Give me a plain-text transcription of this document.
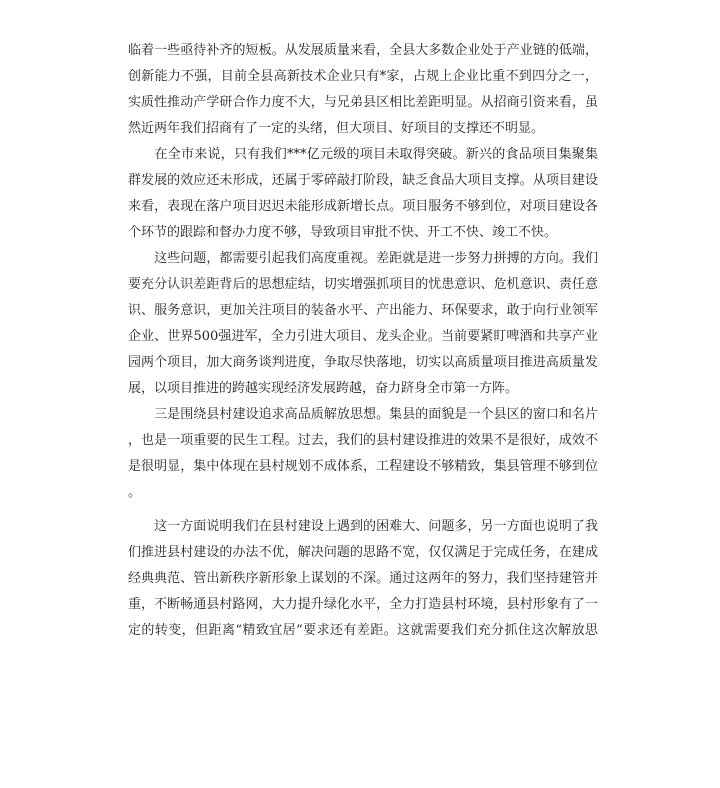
临着一些亟待补齐的短板。从发展质量来看，全县大多数企业处于产业链的低端，
创新能力不强，目前全县高新技术企业只有*家，占规上企业比重不到四分之一，
实质性推动产学研合作力度不大，与兄弟县区相比差距明显。从招商引资来看，虽
然近两年我们招商有了一定的头绪，但大项目、好项目的支撑还不明显。
　　在全市来说，只有我们***亿元级的项目未取得突破。新兴的食品项目集聚集
群发展的效应还未形成，还属于零碎敲打阶段，缺乏食品大项目支撑。从项目建设
来看，表现在落户项目迟迟未能形成新增长点。项目服务不够到位，对项目建设各
个环节的跟踪和督办力度不够，导致项目审批不快、开工不快、竣工不快。
　　这些问题，都需要引起我们高度重视。差距就是进一步努力拼搏的方向。我们
要充分认识差距背后的思想症结，切实增强抓项目的忧患意识、危机意识、责任意
识、服务意识，更加关注项目的装备水平、产出能力、环保要求，敢于向行业领军
企业、世界500强进军，全力引进大项目、龙头企业。当前要紧盯啤酒和共享产业
园两个项目，加大商务谈判进度，争取尽快落地，切实以高质量项目推进高质量发
展，以项目推进的跨越实现经济发展跨越，奋力跻身全市第一方阵。
　　三是围绕县村建设追求高品质解放思想。集县的面貌是一个县区的窗口和名片
，也是一项重要的民生工程。过去，我们的县村建设推进的效果不是很好，成效不
是很明显，集中体现在县村规划不成体系，工程建设不够精致，集县管理不够到位
。
　　这一方面说明我们在县村建设上遇到的困难大、问题多，另一方面也说明了我
们推进县村建设的办法不优，解决问题的思路不宽，仅仅满足于完成任务，在建成
经典典范、管出新秩序新形象上谋划的不深。通过这两年的努力，我们坚持建管并
重，不断畅通县村路网，大力提升绿化水平，全力打造县村环境，县村形象有了一
定的转变，但距离“精致宜居”要求还有差距。这就需要我们充分抓住这次解放思
